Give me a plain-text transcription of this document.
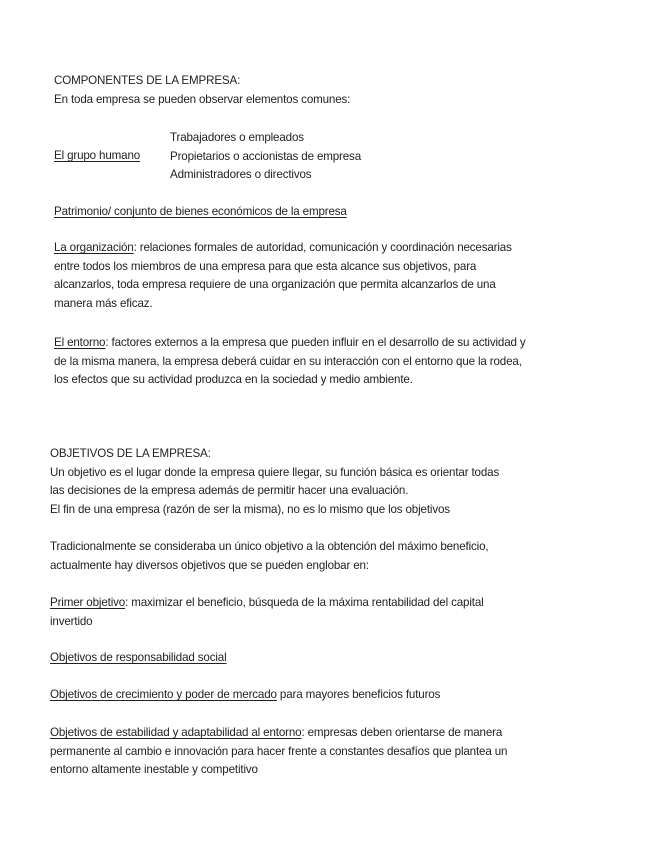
COMPONENTES DE LA EMPRESA:
En toda empresa se pueden observar elementos comunes:
El grupo humano
Trabajadores o empleados
Propietarios o accionistas de empresa
Administradores o directivos
Patrimonio/ conjunto de bienes económicos de la empresa
La organización: relaciones formales de autoridad, comunicación y coordinación necesarias
entre todos los miembros de una empresa para que esta alcance sus objetivos, para
alcanzarlos, toda empresa requiere de una organización que permita alcanzarlos de una
manera más eficaz.
El entorno: factores externos a la empresa que pueden influir en el desarrollo de su actividad y
de la misma manera, la empresa deberá cuidar en su interacción con el entorno que la rodea,
los efectos que su actividad produzca en la sociedad y medio ambiente.
OBJETIVOS DE LA EMPRESA:
Un objetivo es el lugar donde la empresa quiere llegar, su función básica es orientar todas
las decisiones de la empresa además de permitir hacer una evaluación.
El fin de una empresa (razón de ser la misma), no es lo mismo que los objetivos
Tradicionalmente se consideraba un único objetivo a la obtención del máximo beneficio,
actualmente hay diversos objetivos que se pueden englobar en:
Primer objetivo: maximizar el beneficio, búsqueda de la máxima rentabilidad del capital
invertido
Objetivos de responsabilidad social
Objetivos de crecimiento y poder de mercado para mayores beneficios futuros
Objetivos de estabilidad y adaptabilidad al entorno: empresas deben orientarse de manera
permanente al cambio e innovación para hacer frente a constantes desafíos que plantea un
entorno altamente inestable y competitivo
